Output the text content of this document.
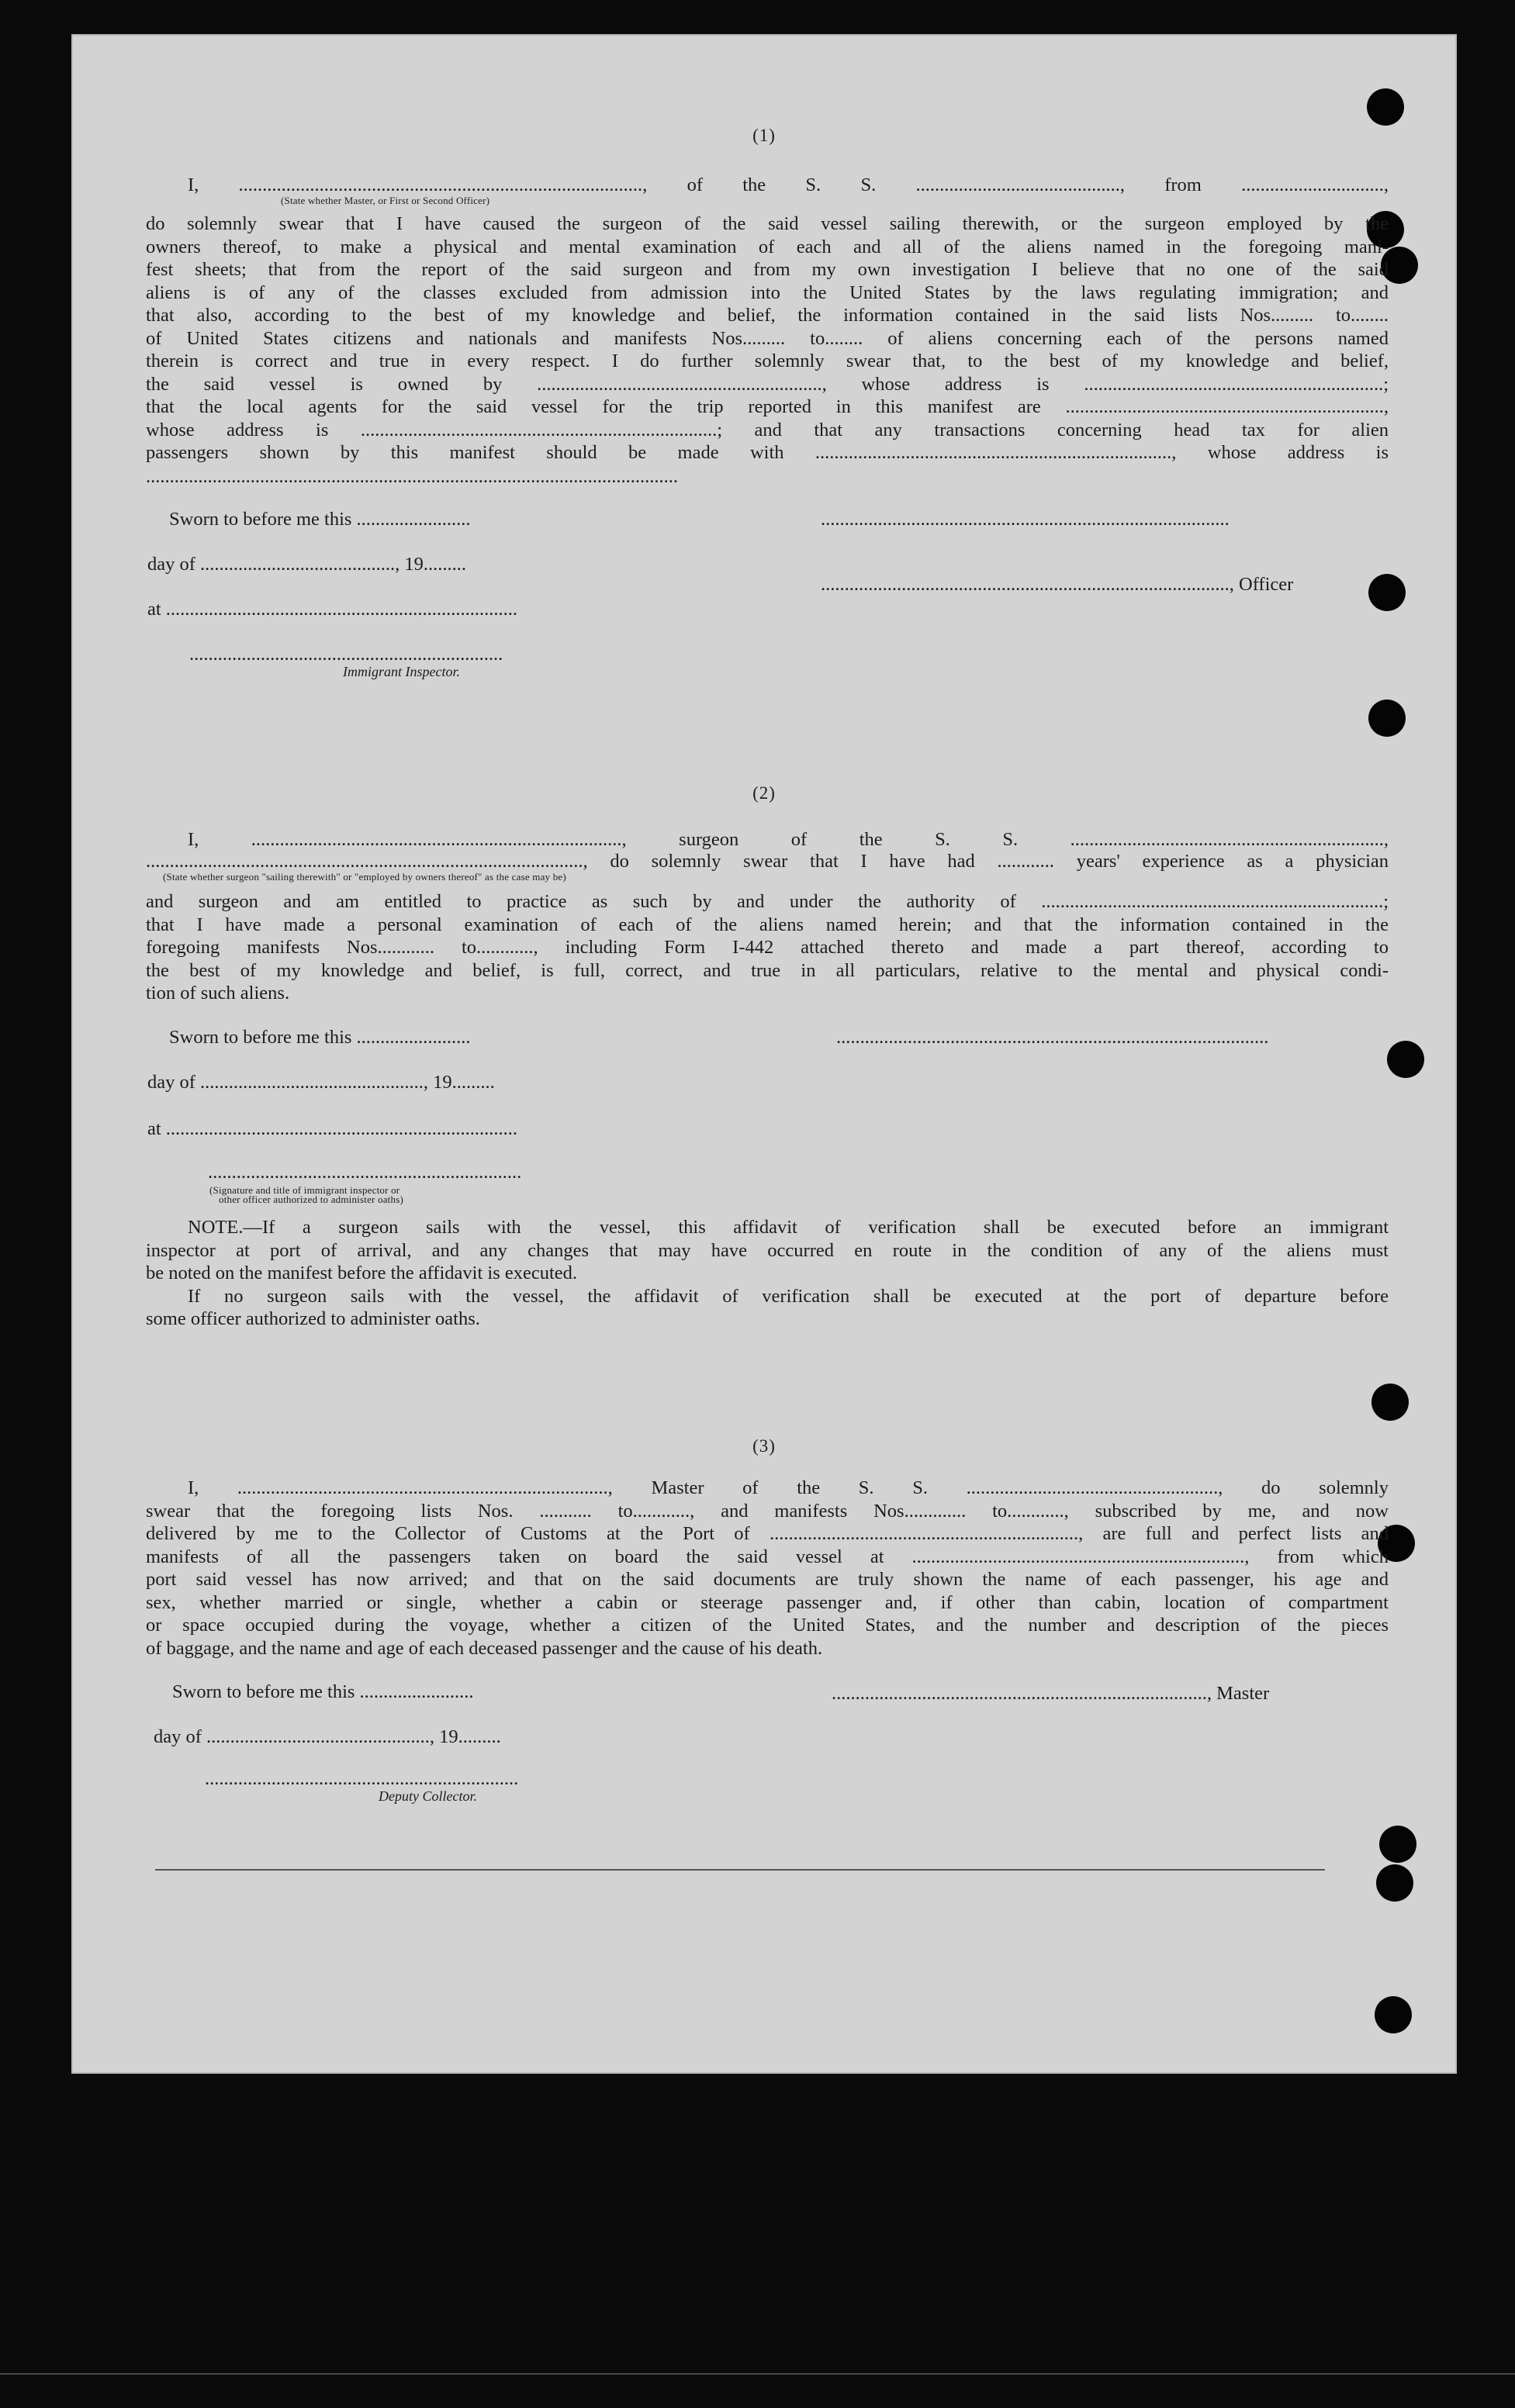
(1)
I, ....................................................................................., of the S. S. ..........................................., from ..............................,
(State whether Master, or First or Second Officer)
do solemnly swear that I have caused the surgeon of the said vessel sailing therewith, or the surgeon employed by the
owners thereof, to make a physical and mental examination of each and all of the aliens named in the foregoing mani-
fest sheets; that from the report of the said surgeon and from my own investigation I believe that no one of the said
aliens is of any of the classes excluded from admission into the United States by the laws regulating immigration; and
that also, according to the best of my knowledge and belief, the information contained in the said lists Nos......... to........
of United States citizens and nationals and manifests Nos......... to........ of aliens concerning each of the persons named
therein is correct and true in every respect. I do further solemnly swear that, to the best of my knowledge and belief,
the said vessel is owned by ............................................................, whose address is ...............................................................;
that the local agents for the said vessel for the trip reported in this manifest are ...................................................................,
whose address is ...........................................................................; and that any transactions concerning head tax for alien
passengers shown by this manifest should be made with ..........................................................................., whose address is
................................................................................................................
Sworn to before me this ........................	......................................................................................
day of ........................................., 19.........
......................................................................................, Officer
at ..........................................................................
..................................................................
Immigrant Inspector.
(2)
I, .............................................................................., surgeon of the S. S. ..................................................................,
............................................................................................, do solemnly swear that I have had ............ years' experience as a physician
(State whether surgeon "sailing therewith" or "employed by owners thereof" as the case may be)
and surgeon and am entitled to practice as such by and under the authority of ........................................................................;
that I have made a personal examination of each of the aliens named herein; and that the information contained in the
foregoing manifests Nos............ to............, including Form I-442 attached thereto and made a part thereof, according to
the best of my knowledge and belief, is full, correct, and true in all particulars, relative to the mental and physical condi-
tion of such aliens.
Sworn to before me this ........................	...........................................................................................
day of ..............................................., 19.........
at ..........................................................................
..................................................................
(Signature and title of immigrant inspector or
other officer authorized to administer oaths)
NOTE.—If a surgeon sails with the vessel, this affidavit of verification shall be executed before an immigrant
inspector at port of arrival, and any changes that may have occurred en route in the condition of any of the aliens must
be noted on the manifest before the affidavit is executed.
If no surgeon sails with the vessel, the affidavit of verification shall be executed at the port of departure before
some officer authorized to administer oaths.
(3)
I, .............................................................................., Master of the S. S. ....................................................., do solemnly
swear that the foregoing lists Nos. ........... to............, and manifests Nos............. to............, subscribed by me, and now
delivered by me to the Collector of Customs at the Port of ................................................................., are full and perfect lists and
manifests of all the passengers taken on board the said vessel at ......................................................................, from which
port said vessel has now arrived; and that on the said documents are truly shown the name of each passenger, his age and
sex, whether married or single, whether a cabin or steerage passenger and, if other than cabin, location of compartment
or space occupied during the voyage, whether a citizen of the United States, and the number and description of the pieces
of baggage, and the name and age of each deceased passenger and the cause of his death.
Sworn to before me this ........................	..............................................................................., Master
day of ..............................................., 19.........
..................................................................
Deputy Collector.
